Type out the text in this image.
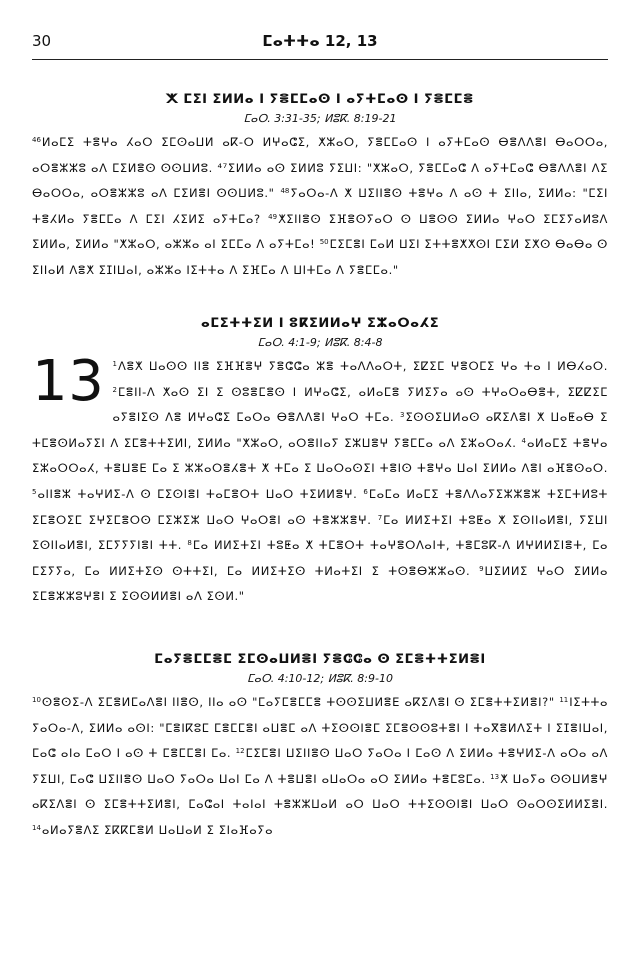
30	ⵎⴰⵜⵜⴰ 12, 13
ⵅ ⵎⵉⵏ ⵉⵍⵍⴰ ⵏ ⵢⴻⵎⵎⴰⵙ ⵏ ⴰⵢⵜⵎⴰⵙ ⵏ ⵢⴻⵎⵎⴻ
ⵎⴰⵔ. 3:31-35; ⵍⵓⴽ. 8:19-21

$^{46}$ⵍⴰⵎⵉ ⵜⴻⵖⴰ ⵃⴰⵔ ⵉⵎⵙⴰⵡⵍ ⴰⴽ-ⵔ ⵍⵖⴰⵛⵉ, ⵅⵣⴰⵔ, ⵢⴻⵎⵎⴰⵙ ⵏ ⴰⵢⵜⵎⴰⵙ ⴱⴻⴷⴷⴻⵏ ⴱⴰⵔⵔⴰ, ⴰⵔⴻⵣⵣⵓ ⴰⴷ ⵎⵉⵍⴻⵙ ⵙⵙⵡⵍⵓ. ⁴⁷ⵉⵍⵍⴰ ⴰⵙ ⵉⵍⵍⵓ ⵢⵉⵡⵏ: "ⵅⵣⴰⵔ, ⵢⴻⵎⵎⴰⵛ ⴷ ⴰⵢⵜⵎⴰⵛ ⴱⴻⴷⴷⴻⵏ ⴷⵉ ⴱⴰⵔⵔⴰ, ⴰⵔⴻⵣⵣⵓ ⴰⴷ ⵎⵉⵍⴻⵏ ⵙⵙⵡⵍⵓ." $^{48}$ⵢⴰⵔⴰ-ⴷ ⵅ ⵡⵉⵏⵏⴻⵙ ⵜⴻⵖⴰ ⴷ ⴰⵙ ⵜ ⵉⵏⵏⴰ, ⵉⵍⵍⴰ: "ⵎⵉⵏ ⵜⴻⵃⵍⴰ ⵢⴻⵎⵎⴰ ⴷ ⵎⵉⵏ ⵃⵉⵍⵉ ⴰⵢⵜⵎⴰ? $^{49}$ⵅⵉⵏⵏⴻⵙ ⵉⴼⴻⵙⵢⴰⵔ ⵙ ⵡⴻⵙⵙ ⵉⵍⵍⴰ ⵖⴰⵔ ⵉⵎⵉⵢⴰⵍⵓⴷ ⵉⵍⵍⴰ, ⵉⵍⵍⴰ "ⵅⵣⴰⵔ, ⴰⵣⵣⴰ ⴰⵏ ⵉⵎⵎⴰ ⴷ ⴰⵢⵜⵎⴰ! $^{50}$ⵎⵉⵎⴻⵏ ⵎⴰⵍ ⵡⵉⵏ ⵉⵜⵜⴻⵅⵅⵙⵏ ⵎⵉⵍ ⵉⵅⵙ ⴱⴰⴱⴰ ⵙ ⵉⵏⵏⴰⵍ ⴷⴻⵅ ⵉⵊⵏⵡⴰⵏ, ⴰⵣⵣⴰ ⵏⵉⵜⵜⴰ ⴷ ⵉⴼⵎⴰ ⴷ ⵡⵏⵜⵎⴰ ⴷ ⵢⴻⵎⵎⴰ."

ⴰⵎⵉⵜⵜⵉⵍ ⵏ ⵓⴽⵉⵍⵍⴰⵖ ⵉⵣⴰⵔⴰⵃⵉ
ⵎⴰⵔ. 4:1-9; ⵍⵓⴽ. 8:4-8

13 $^1$ⴷⴻⵅ ⵡⴰⵙⵙ ⵏⵏⴻ ⵉⴼⴼⴻⵖ ⵢⴻⵛⵛⴰ ⵣⴻ ⵜⴰⴷⴷⴰⵔⵜ, ⵉⵇⵉⵎ ⵖⴻⵔⵎⵉ ⵖⴰ ⵜⴰ ⵏ ⵍⴱⵃⴰⵔ. $^2$ⵎⴻⵏⵏ-ⴷ ⵅⴰⵙ ⵉⵏ ⵉ ⵙⵓⴻⵎⴻⵙ ⵏ ⵍⵖⴰⵛⵉ, ⴰⵍⴰⵎⴻ ⵢⵍⵉⵢⴰ ⴰⵙ ⵜⵖⴰⵔⴰⴱⴻⵜ, ⵉⵇⵇⵉⵎ ⴰⵢⴻⵏⵉⵙ ⴷⴻ ⵍⵖⴰⵛⵉ ⵎⴰⵔⴰ ⴱⴻⴷⴷⴻⵏ ⵖⴰⵔ ⵜⵎⴰ. $^3$ⵉⵙⵙⵉⵡⵍⴰⵙ ⴰⴽⵉⴷⴻⵏ ⵅ ⵡⴰⵟⴰⴱ ⵉ ⵜⵎⴻⵙⵍⴰⵢⵉⵏ ⴷ ⵉⵎⴻⵜⵜⵉⵍⵏ, ⵉⵍⵍⴰ "ⵅⵣⴰⵔ, ⴰⵔⴻⵏⵏⴰⵢ ⵉⵣⵡⴻⵖ ⵢⴻⵎⵎⴰ ⴰⴷ ⵉⵣⴰⵔⴰⵃ. $^4$ⴰⵍⴰⵎⵉ ⵜⴻⵖⴰ ⵉⵣⴰⵔⵔⴰⵃ, ⵜⴻⵡⴻⴹ ⵎⴰ ⵉ ⵣⵣⴰⵔⴻⵃⴻⵜ ⵅ ⵜⵎⴰ ⵉ ⵡⴰⵔⴰⵙⵉⵏ ⵜⴻⵏⵙ ⵜⴻⵖⴰ ⵡⴰⵏ ⵉⵍⵍⴰ ⴷⴻⵏ ⴰⴼⴻⵙⴰⵔ. $^5$ⴰⵏⵏⴻⵣ ⵜⴰⵖⵍⵉ-ⴷ ⵙ ⵎⵉⵙⵏⴻⵏ ⵜⴰⵎⴻⵔⵜ ⵡⴰⵔ ⵜⵉⵍⵍⴻⵖ. $^6$ⵎⴰⵎⴰ ⵍⴰⵎⵉ ⵜⴻⴷⴷⴰⵢⵉⵣⵣⴻⵣ ⵜⵉⵎⵜⵍⵓⵜ ⵉⵎⴻⵔⵉⵎ ⵉⵖⵉⵎⴻⵔⵙ ⵎⵉⵣⵉⵣ ⵡⴰⵔ ⵖⴰⵔⴻⵏ ⴰⵙ ⵜⴻⵣⵣⴻⵖ. $^7$ⵎⴰ ⵍⵍⵉⵜⵉⵏ ⵜⵓⵟⴰ ⵅ ⵉⵙⵏⵏⴰⵍⴻⵏ, ⵢⵉⵡⵏ ⵉⵙⵏⵏⴰⵍⴻⵏ, ⵉⵎⵢⵢⵢⵏⴻⵏ ⵜⵜ. $^8$ⵎⴰ ⵍⵍⵉⵜⵉⵏ ⵜⵓⵟⴰ ⵅ ⵜⵎⴻⵔⵜ ⵜⴰⵖⴻⵔⴷⴰⵏⵜ, ⵜⴻⵎⵓⴽ-ⴷ ⵍⵖⵍⵍⵉⵏⴻⵜ, ⵎⴰ ⵎⵉⵢⵢⴰ, ⵎⴰ ⵍⵍⵉⵜⵉⵙ ⵙⵜⵜⵉⵏ, ⵎⴰ ⵍⵍⵉⵜⵉⵙ ⵜⵍⴰⵜⵉⵏ ⵉ ⵜⵙⴻⴱⵣⵣⴰⵙ. $^9$ⵡⵉⵍⵍⵉ ⵖⴰⵔ ⵉⵍⵍⴰ ⵉⵎⴻⵣⵣⵓⵖⴻⵏ ⵉ ⵉⵙⵙⵍⵍⴻⵏ ⴰⴷ ⵉⵙⵍ."

ⵎⴰⵢⴻⵎⵎⴻⵎ ⵉⵎⵙⴰⵡⵍⴻⵏ ⵢⴻⵛⵛⴰ ⵙ ⵉⵎⴻⵜⵜⵉⵍⴻⵏ
ⵎⴰⵔ. 4:10-12; ⵍⵓⴽ. 8:9-10

$^{10}$ⵙⴻⵙⵉ-ⴷ ⵉⵎⴻⵍⵎⴰⴷⴻⵏ ⵏⵏⴻⵙ, ⵏⵏⴰ ⴰⵙ "ⵎⴰⵢⵎⴻⵎⵎⴻ ⵜⵙⵙⵉⵡⵍⴻⴹ ⴰⴽⵉⴷⴻⵏ ⵙ ⵉⵎⴻⵜⵜⵉⵍⴻⵏ?" $^{11}$ⵏⵉⵜⵜⴰ ⵢⴰⵔⴰ-ⴷ, ⵉⵍⵍⴰ ⴰⵙⵏ: "ⵎⴻⵏⴽⵓⵎ ⵎⴻⵎⵎⴻⵏ ⴰⵡⴻⵎ ⴰⴷ ⵜⵉⵙⵙⵏⴻⵎ ⵉⵎⴻⵙⵙⵓⵜⴻⵏ ⵏ ⵜⴰⴳⴻⵍⴷⵉⵜ ⵏ ⵉⵊⴻⵏⵡⴰⵏ, ⵎⴰⵛ ⴰⵏⴰ ⵎⴰⵔ ⵏ ⴰⵙ ⵜ ⵎⴻⵎⵎⴻⵏ ⵎⴰ. $^{12}$ⵎⵉⵎⴻⵏ ⵡⵉⵏⵏⴻⵙ ⵡⴰⵔ ⵢⴰⵔⴰ ⵏ ⵎⴰⵙ ⴷ ⵉⵍⵍⴰ ⵜⴻⵖⵍⵉ-ⴷ ⴰⵔⴰ ⴰⴷ ⵢⵉⵡⵏ, ⵎⴰⵛ ⵡⵉⵏⵏⴻⵙ ⵡⴰⵔ ⵢⴰⵔⴰ ⵡⴰⵏ ⵎⴰ ⴷ ⵜⴻⵡⴻⵏ ⴰⵡⴰⵔⴰ ⴰⵔ ⵉⵍⵍⴰ ⵜⴻⵎⵓⵎⴰ. $^{13}$ⵅ ⵡⴰⵢⴰ ⵙⵙⵡⵍⴻⵖ ⴰⴽⵉⴷⴻⵏ ⵙ ⵉⵎⴻⵜⵜⵉⵍⴻⵏ, ⵎⴰⵛⴰⵏ ⵜⴰⵏⴰⵏ ⵜⴻⵣⵣⵡⴰⵍ ⴰⵔ ⵡⴰⵔ ⵜⵜⵉⵙⵙⵏⴻⵏ ⵡⴰⵔ ⵙⴰⵔⵙⵉⵍⵍⵉⴻⵏ. $^{14}$ⴰⵍⴰⵢⴻⴷⵉ ⵉⴽⴽⵎⴻⵍ ⵡⴰⵡⴰⵍ ⵉ ⵉⵏⴰⴼⴰⵢⴰ
